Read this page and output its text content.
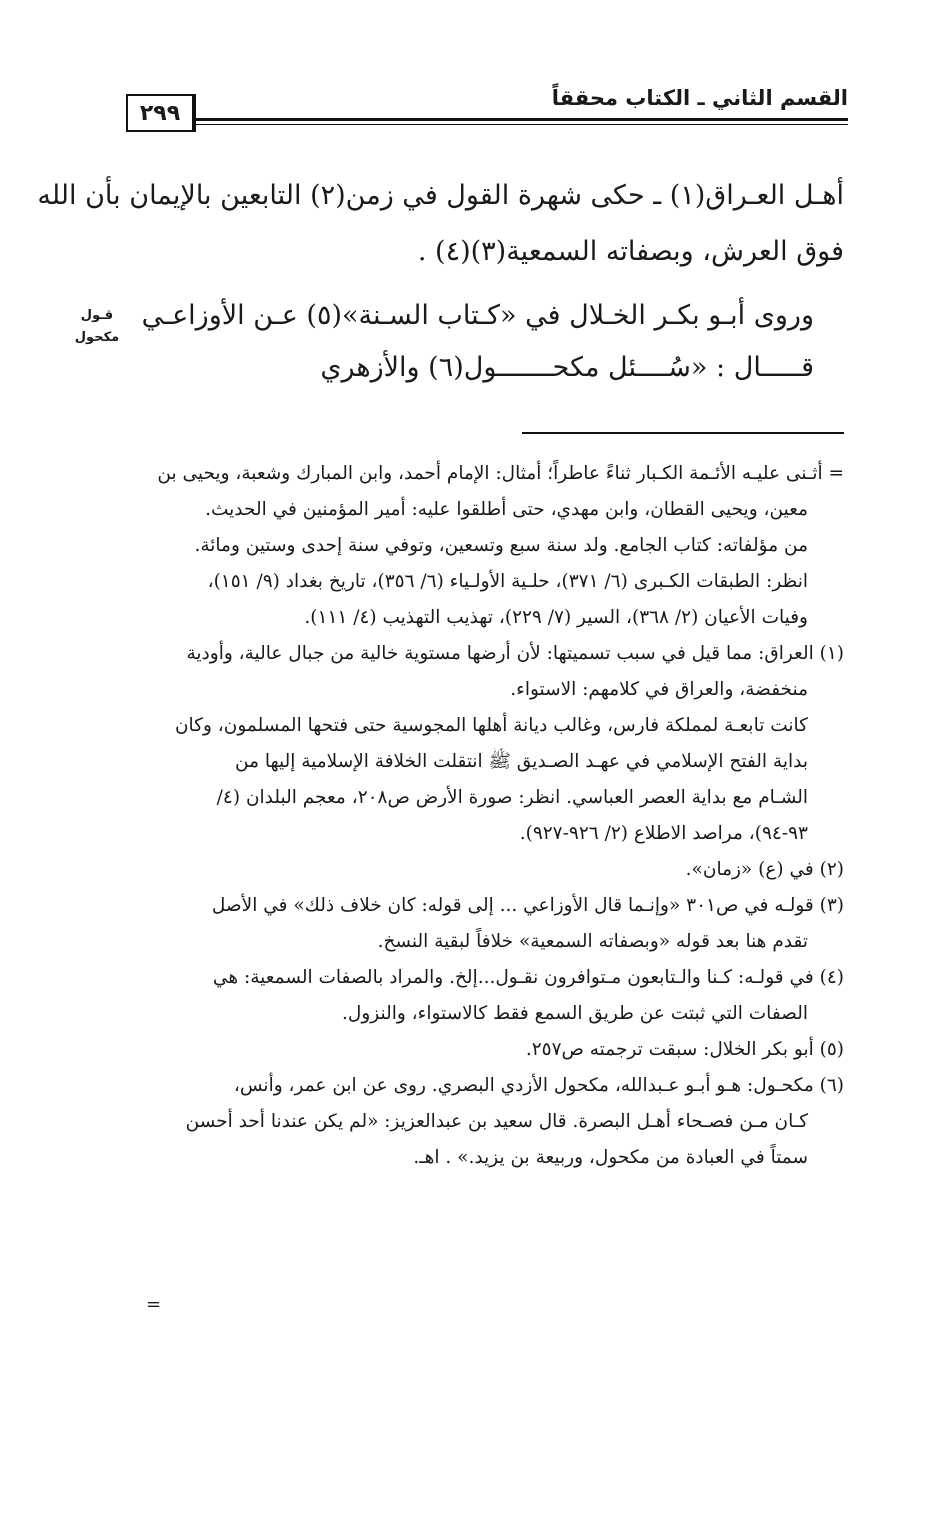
القسم الثاني ـ الكتاب محققاً
٢٩٩
أهـل العـراق(١) ـ حكى شهرة القول في زمن(٢) التابعين بالإيمان بأن الله
فوق العرش، وبصفاته السمعية(٣)(٤) .
وروى أبـو بكـر الخـلال في «كـتاب السـنة»(٥) عـن الأوزاعـي
قـــــال : «سُــــئل مكحـــــــول(٦) والأزهري
قـول
مكحول
= أثـنى عليـه الأئـمة الكـبار ثناءً عاطراً؛ أمثال: الإمام أحمد، وابن المبارك وشعبة، ويحيى بن
معين، ويحيى القطان، وابن مهدي، حتى أطلقوا عليه: أمير المؤمنين في الحديث.
من مؤلفاته: كتاب الجامع. ولد سنة سبع وتسعين، وتوفي سنة إحدى وستين ومائة.
انظر: الطبقات الكـبرى (٦/ ٣٧١)، حلـية الأولـياء (٦/ ٣٥٦)، تاريخ بغداد (٩/ ١٥١)،
وفيات الأعيان (٢/ ٣٦٨)، السير (٧/ ٢٢٩)، تهذيب التهذيب (٤/ ١١١).
(١) العراق: مما قيل في سبب تسميتها: لأن أرضها مستوية خالية من جبال عالية، وأودية
منخفضة، والعراق في كلامهم: الاستواء.
كانت تابعـة لمملكة فارس، وغالب ديانة أهلها المجوسية حتى فتحها المسلمون، وكان
بداية الفتح الإسلامي في عهـد الصـديق ﷺ انتقلت الخلافة الإسلامية إليها من
الشـام مع بداية العصر العباسي. انظر: صورة الأرض ص٢٠٨، معجم البلدان (٤/
٩٣-٩٤)، مراصد الاطلاع (٢/ ٩٢٦-٩٢٧).
(٢) في (ع) «زمان».
(٣) قولـه في ص٣٠١ «وإنـما قال الأوزاعي ... إلى قوله: كان خلاف ذلك» في الأصل
تقدم هنا بعد قوله «وبصفاته السمعية» خلافاً لبقية النسخ.
(٤) في قولـه: كـنا والـتابعون مـتوافرون نقـول...إلخ. والمراد بالصفات السمعية: هي
الصفات التي ثبتت عن طريق السمع فقط كالاستواء، والنزول.
(٥) أبو بكر الخلال: سبقت ترجمته ص٢٥٧.
(٦) مكحـول: هـو أبـو عـبدالله، مكحول الأزدي البصري. روى عن ابن عمر، وأنس،
كـان مـن فصـحاء أهـل البصرة. قال سعيد بن عبدالعزيز: «لم يكن عندنا أحد أحسن
سمتاً في العبادة من مكحول، وربيعة بن يزيد.» . اهـ.
=
